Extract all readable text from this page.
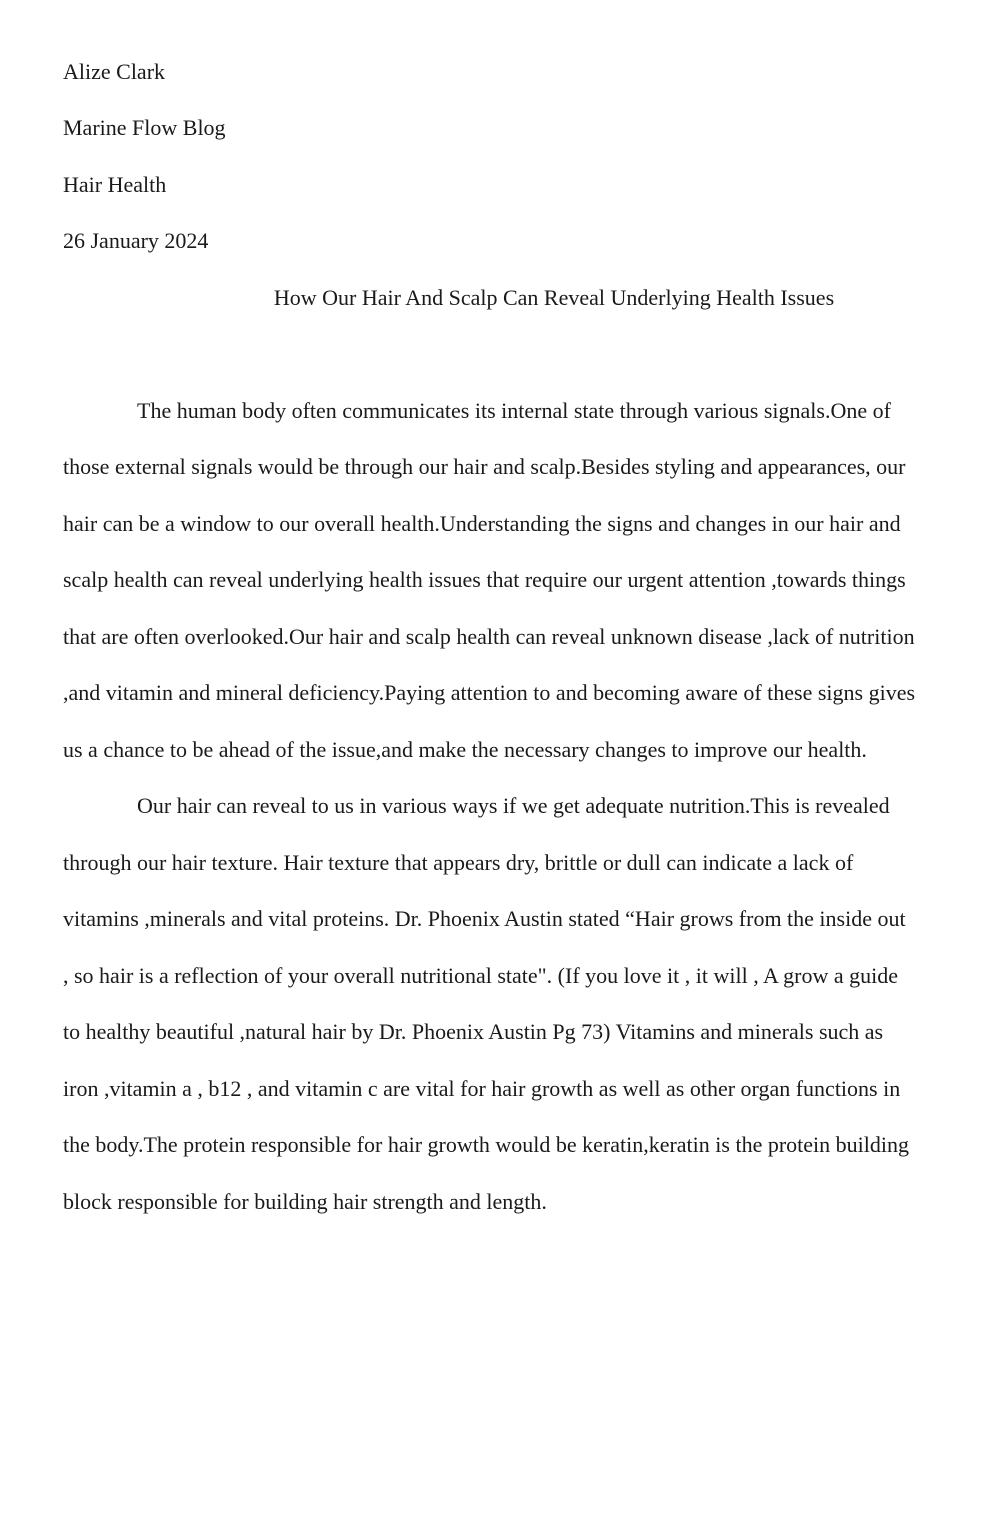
Alize Clark
Marine Flow Blog
Hair Health
26 January 2024
How Our Hair And Scalp Can Reveal Underlying Health Issues
The human body often communicates its internal state through various signals.One of
those external signals would be through our hair and scalp.Besides styling and appearances, our
hair can be a window to our overall health.Understanding the signs and changes in our hair and
scalp health can reveal underlying health issues that require our urgent attention ,towards things
that are often overlooked.Our hair and scalp health can reveal unknown disease ,lack of nutrition
,and vitamin and mineral deficiency.Paying attention to and becoming aware of these signs gives
us a chance to be ahead of the issue,and make the necessary changes to improve our health.
Our hair can reveal to us in various ways if we get adequate nutrition.This is revealed
through our hair texture. Hair texture that appears dry, brittle or dull can indicate a lack of
vitamins ,minerals and vital proteins. Dr. Phoenix Austin stated “Hair grows from the inside out
, so hair is a reflection of your overall nutritional state". (If you love it , it will , A grow a guide
to healthy beautiful ,natural hair by Dr. Phoenix Austin Pg 73) Vitamins and minerals such as
iron ,vitamin a , b12 , and vitamin c are vital for hair growth as well as other organ functions in
the body.The protein responsible for hair growth would be keratin,keratin is the protein building
block responsible for building hair strength and length.
